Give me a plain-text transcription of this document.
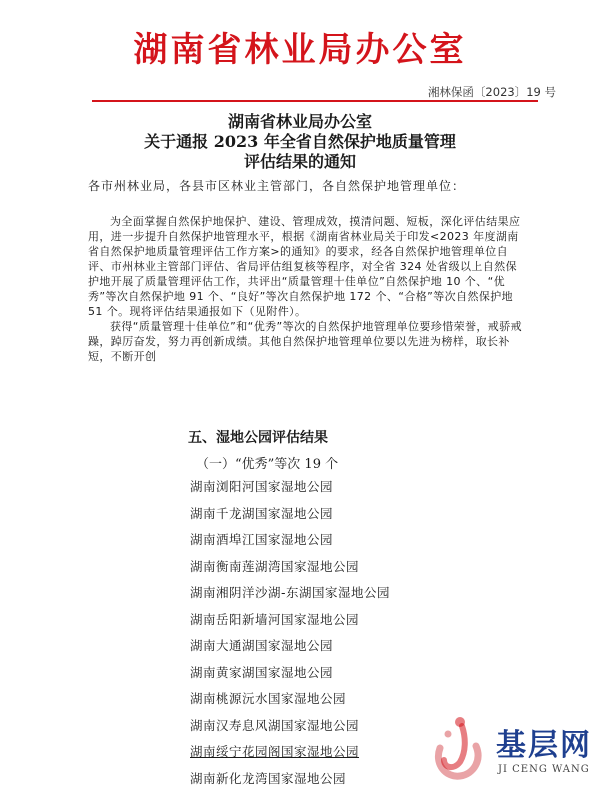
湖南省林业局办公室
湘林保函〔2023〕19 号
湖南省林业局办公室
关于通报 2023 年全省自然保护地质量管理
评估结果的通知
各市州林业局，各县市区林业主管部门，各自然保护地管理单位：

为全面掌握自然保护地保护、建设、管理成效，摸清问题、短板，深化评估结果应用，进一步提升自然保护地管理水平，根据《湖南省林业局关于印发<2023 年度湖南省自然保护地质量管理评估工作方案>的通知》的要求，经各自然保护地管理单位自评、市州林业主管部门评估、省局评估组复核等程序，对全省 324 处省级以上自然保护地开展了质量管理评估工作，共评出“质量管理十佳单位”自然保护地 10 个、“优秀”等次自然保护地 91 个、“良好”等次自然保护地 172 个、“合格”等次自然保护地 51 个。现将评估结果通报如下（见附件）。

获得“质量管理十佳单位”和“优秀”等次的自然保护地管理单位要珍惜荣誉，戒骄戒躁，踔厉奋发，努力再创新成绩。其他自然保护地管理单位要以先进为榜样，取长补短，不断开创

五、湿地公园评估结果
（一）“优秀”等次 19 个
湖南浏阳河国家湿地公园
湖南千龙湖国家湿地公园
湖南酒埠江国家湿地公园
湖南衡南莲湖湾国家湿地公园
湖南湘阴洋沙湖-东湖国家湿地公园
湖南岳阳新墙河国家湿地公园
湖南大通湖国家湿地公园
湖南黄家湖国家湿地公园
湖南桃源沅水国家湿地公园
湖南汉寿息风湖国家湿地公园
湖南绥宁花园阁国家湿地公园
湖南新化龙湾国家湿地公园
基层网
JI CENG WANG
